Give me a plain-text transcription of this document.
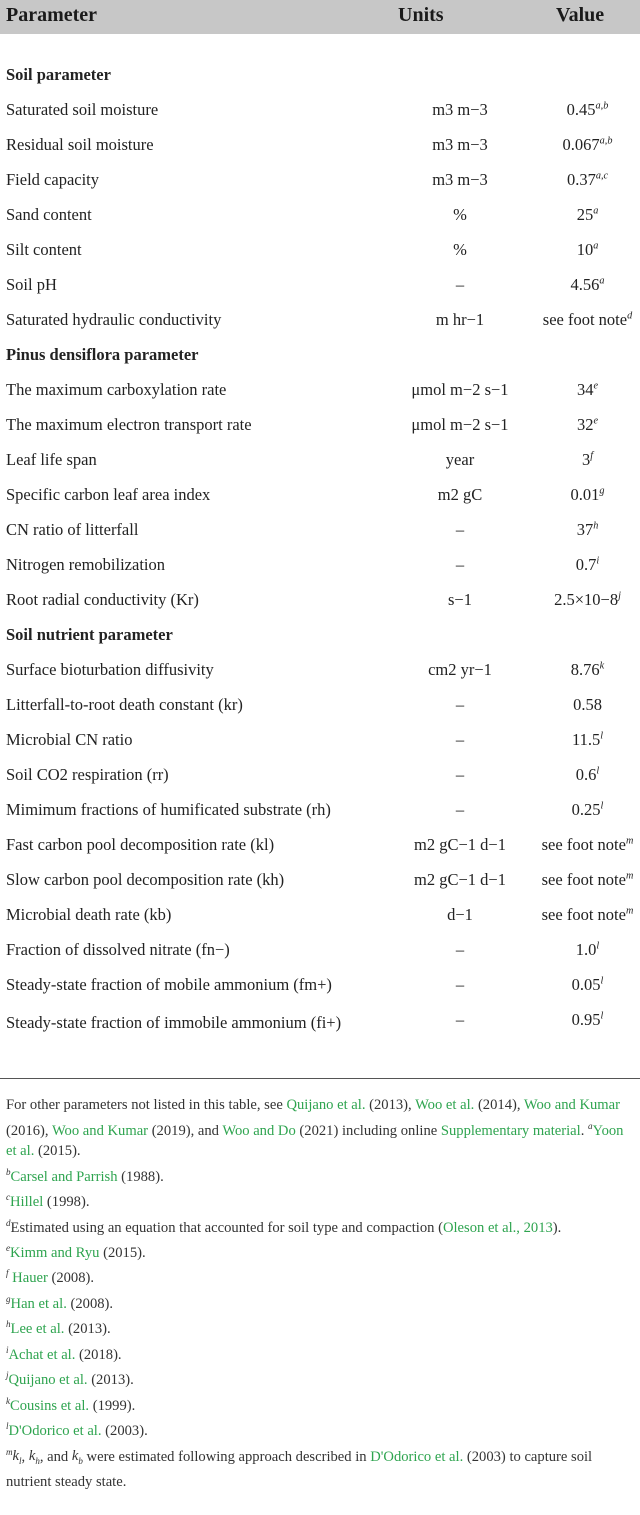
Parameter	Units	Value
Soil parameter
Saturated soil moisture	m3 m−3	0.45$^{a,b}$
Residual soil moisture	m3 m−3	0.067$^{a,b}$
Field capacity	m3 m−3	0.37$^{a,c}$
Sand content	%	25$^a$
Silt content	%	10$^a$
Soil pH	–	4.56$^a$
Saturated hydraulic conductivity	m hr−1	see foot note$^d$
Pinus densiflora parameter
The maximum carboxylation rate	μmol m−2 s−1	34e
The maximum electron transport rate	μmol m−2 s−1	32e
Leaf life span	year	3$^f$
Specific carbon leaf area index	m2 gC	0.01$^g$
CN ratio of litterfall	–	37$^h$
Nitrogen remobilization	–	0.7$^i$
Root radial conductivity (Kr)	s−1	$2.5\times 10-8^j$
Soil nutrient parameter
Surface bioturbation diffusivity	cm2 yr−1	8.76$^k$
Litterfall-to-root death constant (kr)	–	0.58
Microbial CN ratio	–	11.5$^l$
Soil CO2 respiration (rr)	–	0.6$^l$
Mimimum fractions of humificated substrate (rh)	–	0.25$^l$
Fast carbon pool decomposition rate (kl)	m2 gC−1 d−1	see foot note$^m$
Slow carbon pool decomposition rate (kh)	m2 gC−1 d−1	see foot note$^m$
Microbial death rate (kb)	d−1	see foot note$^m$
Fraction of dissolved nitrate (fn−)	–	1.0$^l$
Steady-state fraction of mobile ammonium (fm+)	–	0.05$^l$
Steady-state fraction of immobile ammonium (fi+)	–	0.95$^l$

For other parameters not listed in this table, see Quijano et al. (2013), Woo et al. (2014), Woo and Kumar (2016), Woo and Kumar (2019), and Woo and Do (2021) including online Supplementary material. $^a$Yoon et al. (2015).

$^b$Carsel and Parrish (1988).

$^c$Hillel (1998).

$^d$Estimated using an equation that accounted for soil type and compaction (Oleson et al., 2013).

$^e$Kimm and Ryu (2015).

$^f$ Hauer (2008).

$^g$Han et al. (2008).

$^h$Lee et al. (2013).

$^i$Achat et al. (2018).

$^j$Quijano et al. (2013).

$^k$Cousins et al. (1999).

$^l$D'Odorico et al. (2003).

$^mk_l$, $k_h$, and $k_b$ were estimated following approach described in D'Odorico et al. (2003) to capture soil nutrient steady state.
